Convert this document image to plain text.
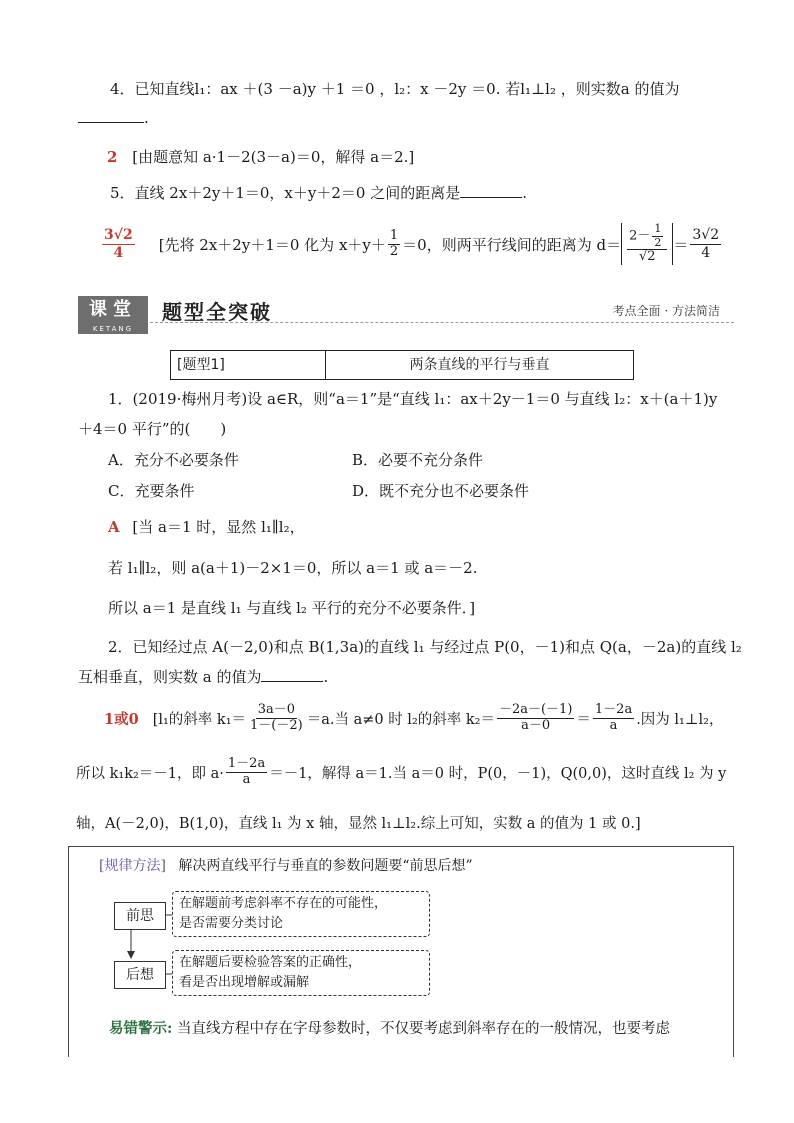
4．已知直线l₁：ax ＋(3 －a)y ＋1 ＝0 ，l₂：x －2y ＝0. 若l₁⊥l₂ ，则实数a 的值为
.
2 [由题意知 a·1－2(3－a)＝0，解得 a＝2.]
5．直线 2x＋2y＋1＝0，x＋y＋2＝0 之间的距离是	.
$\frac{3√2}{4}$ [先将 2x＋2y＋1＝0 化为 $x+y+ \frac{1}{2} =0$，则两平行线间的距离为 $d= \frac{2- \frac{1}{2}}{√2} = \frac{3√2}{4}$
课堂
KETANG
题型全突破	考点全面 · 方法简洁
[题型1]	两条直线的平行与垂直
1．(2019·梅州月考)设 a∈R，则“a＝1”是“直线 l₁：ax＋2y－1＝0 与直线 l₂：x＋(a＋1)y
＋4＝0 平行”的(　　)
A．充分不必要条件	B．必要不充分条件
C．充要条件	D．既不充分也不必要条件
A [当 a＝1 时，显然 l₁∥l₂，
若 l₁∥l₂，则 a(a＋1)－2×1＝0，所以 a＝1 或 a＝－2.
所以 a＝1 是直线 l₁ 与直线 l₂ 平行的充分不必要条件．]
2．已知经过点 A(－2,0)和点 B(1,3a)的直线 l₁ 与经过点 P(0，－1)和点 Q(a，－2a)的直线 l₂
互相垂直，则实数 a 的值为	.
1或0 [l₁的斜率 $k_1= \frac{3a-0}{1-(-2)} =a$.当 a≠0 时 l₂的斜率 $k_2= \frac{-2a-(-1)}{a-0} = \frac{1-2a}{a}$ .因为 l₁⊥l₂，
所以 k₁k₂＝－1，即 $a\cdot \frac{1-2a}{a} =-1$，解得 a＝1.当 a＝0 时，P(0，－1)，Q(0,0)，这时直线 l₂ 为 y
轴，A(－2,0)，B(1,0)，直线 l₁ 为 x 轴，显然 l₁⊥l₂.综上可知，实数 a 的值为 1 或 0.]
[规律方法] 解决两直线平行与垂直的参数问题要“前思后想”
前思
在解题前考虑斜率不存在的可能性，
是否需要分类讨论
后想
在解题后要检验答案的正确性，
看是否出现增解或漏解
易错警示: 当直线方程中存在字母参数时，不仅要考虑到斜率存在的一般情况，也要考虑
